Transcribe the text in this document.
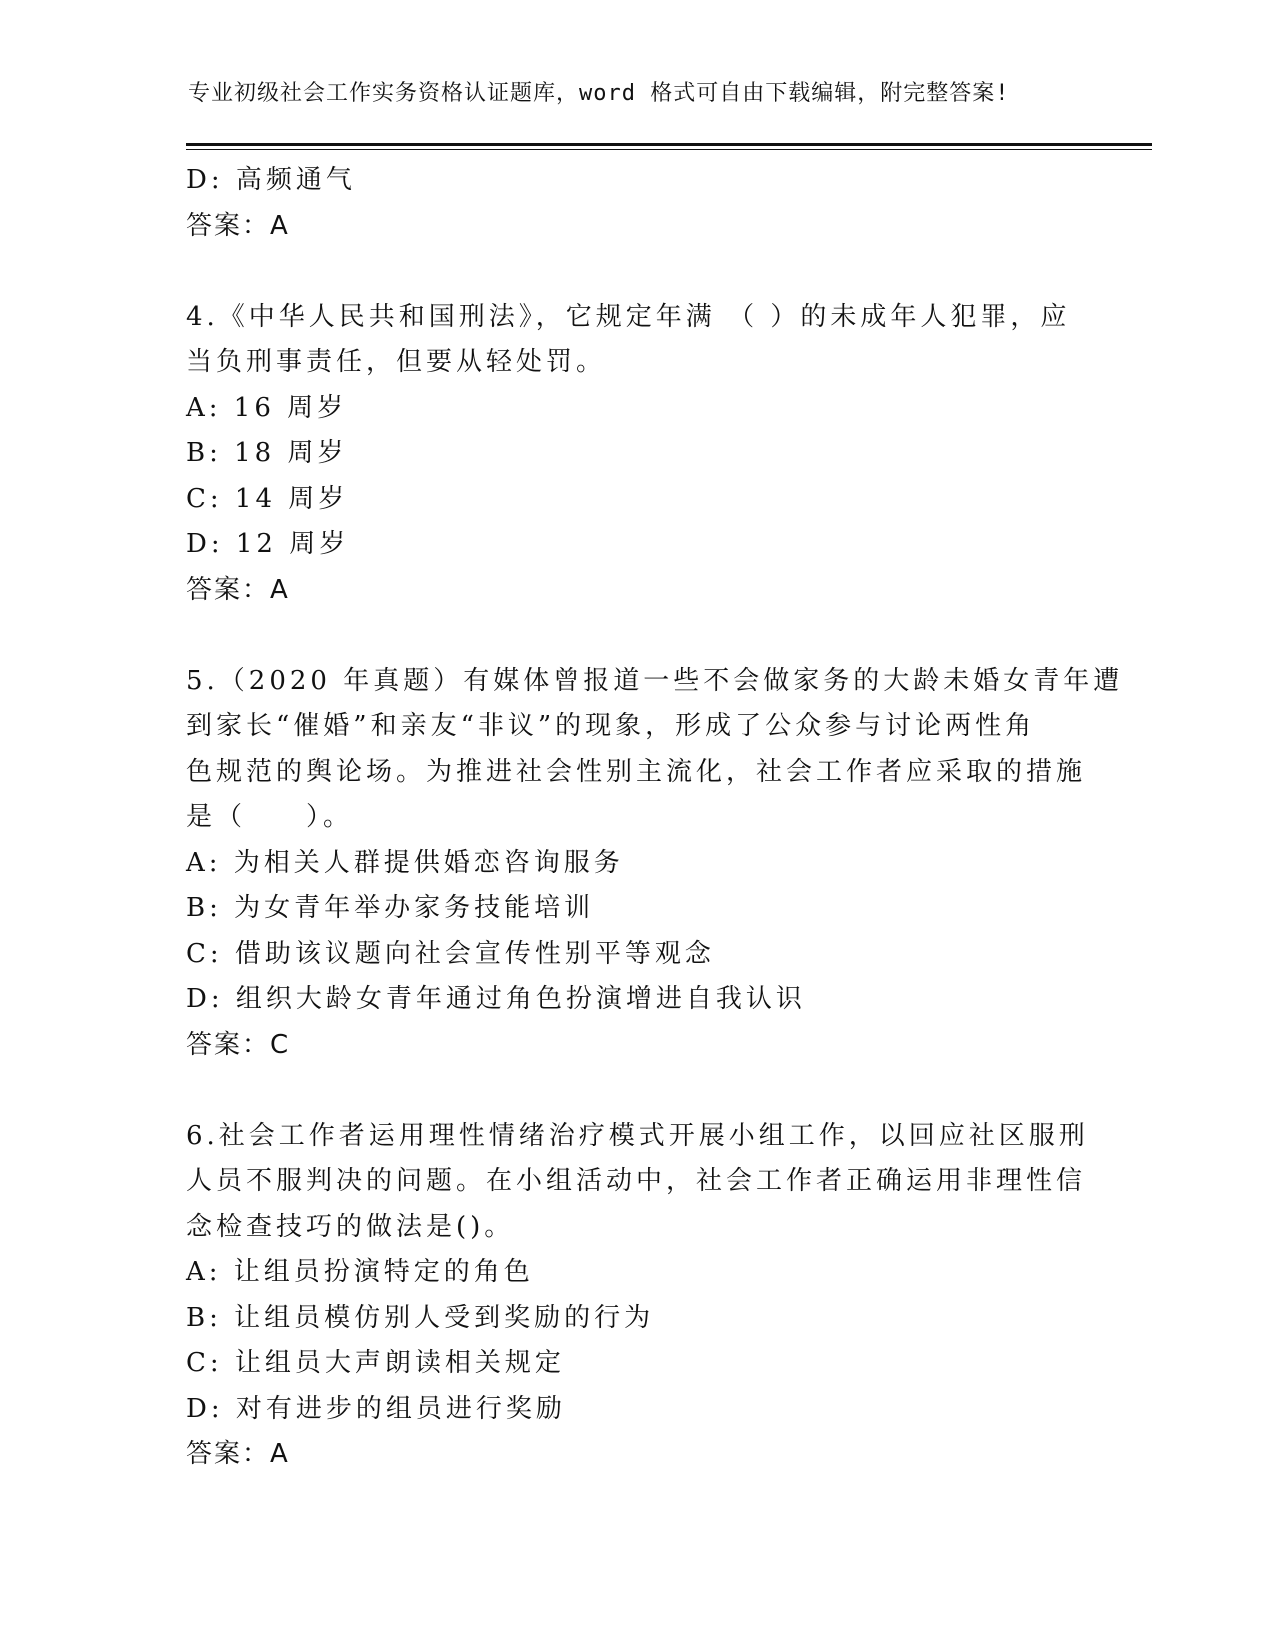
专业初级社会工作实务资格认证题库，word 格式可自由下载编辑，附完整答案!
D: 高频通气
答案：A
4.《中华人民共和国刑法》，它规定年满 （ ）的未成年人犯罪，应
当负刑事责任，但要从轻处罚。
A: 16 周岁
B: 18 周岁
C: 14 周岁
D: 12 周岁
答案：A
5.（2020 年真题）有媒体曾报道一些不会做家务的大龄未婚女青年遭
到家长“催婚”和亲友“非议”的现象，形成了公众参与讨论两性角
色规范的舆论场。为推进社会性别主流化，社会工作者应采取的措施
是（　　）。
A: 为相关人群提供婚恋咨询服务
B: 为女青年举办家务技能培训
C: 借助该议题向社会宣传性别平等观念
D: 组织大龄女青年通过角色扮演增进自我认识
答案：C
6.社会工作者运用理性情绪治疗模式开展小组工作，以回应社区服刑
人员不服判决的问题。在小组活动中，社会工作者正确运用非理性信
念检查技巧的做法是()。
A: 让组员扮演特定的角色
B: 让组员模仿别人受到奖励的行为
C: 让组员大声朗读相关规定
D: 对有进步的组员进行奖励
答案：A
